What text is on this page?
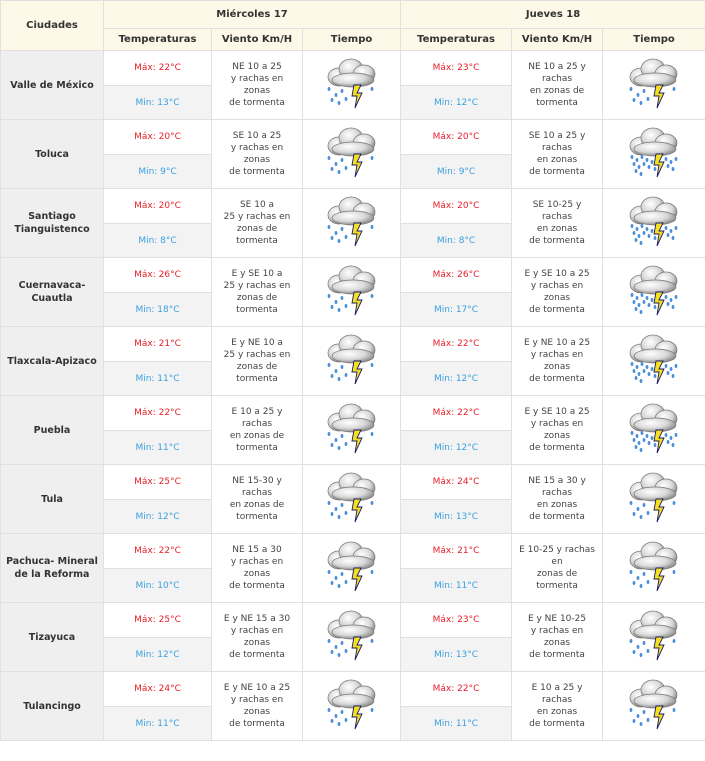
Ciudades	Miércoles 17			Jueves 18		
	Temperaturas	Viento Km/H	Tiempo	Temperaturas	Viento Km/H	Tiempo
Valle de México	Máx: 22°C	NE 10 a 25
y rachas en zonas
de tormenta		Máx: 23°C	NE 10 a 25 y rachas
en zonas de
tormenta	
	Min: 13°C			Min: 12°C		
Toluca	Máx: 20°C	SE 10 a 25
y rachas en zonas
de tormenta		Máx: 20°C	SE 10 a 25 y rachas
en zonas
de tormenta	
	Min: 9°C			Min: 9°C		
Santiago Tianguistenco	Máx: 20°C	SE 10 a
25 y rachas en
zonas de
tormenta		Máx: 20°C	SE 10-25 y rachas
en zonas
de tormenta	
	Min: 8°C			Min: 8°C		
Cuernavaca-Cuautla	Máx: 26°C	E y SE 10 a
25 y rachas en
zonas de
tormenta		Máx: 26°C	E y SE 10 a 25
y rachas en zonas
de tormenta	
	Min: 18°C			Min: 17°C		
Tlaxcala-Apizaco	Máx: 21°C	E y NE 10 a
25 y rachas en
zonas de
tormenta		Máx: 22°C	E y NE 10 a 25
y rachas en zonas
de tormenta	
	Min: 11°C			Min: 12°C		
Puebla	Máx: 22°C	E 10 a 25 y rachas
en zonas de
tormenta		Máx: 22°C	E y SE 10 a 25
y rachas en zonas
de tormenta	
	Min: 11°C			Min: 12°C		
Tula	Máx: 25°C	NE 15-30 y rachas
en zonas de
tormenta		Máx: 24°C	NE 15 a 30 y rachas
en zonas
de tormenta	
	Min: 12°C			Min: 13°C		
Pachuca- Mineral de la Reforma	Máx: 22°C	NE 15 a 30
y rachas en zonas
de tormenta		Máx: 21°C	E 10-25 y rachas en
zonas de tormenta	
	Min: 10°C			Min: 11°C		
Tizayuca	Máx: 25°C	E y NE 15 a 30
y rachas en zonas
de tormenta		Máx: 23°C	E y NE 10-25
y rachas en zonas
de tormenta	
	Min: 12°C			Min: 13°C		
Tulancingo	Máx: 24°C	E y NE 10 a 25
y rachas en zonas
de tormenta		Máx: 22°C	E 10 a 25 y rachas
en zonas
de tormenta	
	Min: 11°C			Min: 11°C		
